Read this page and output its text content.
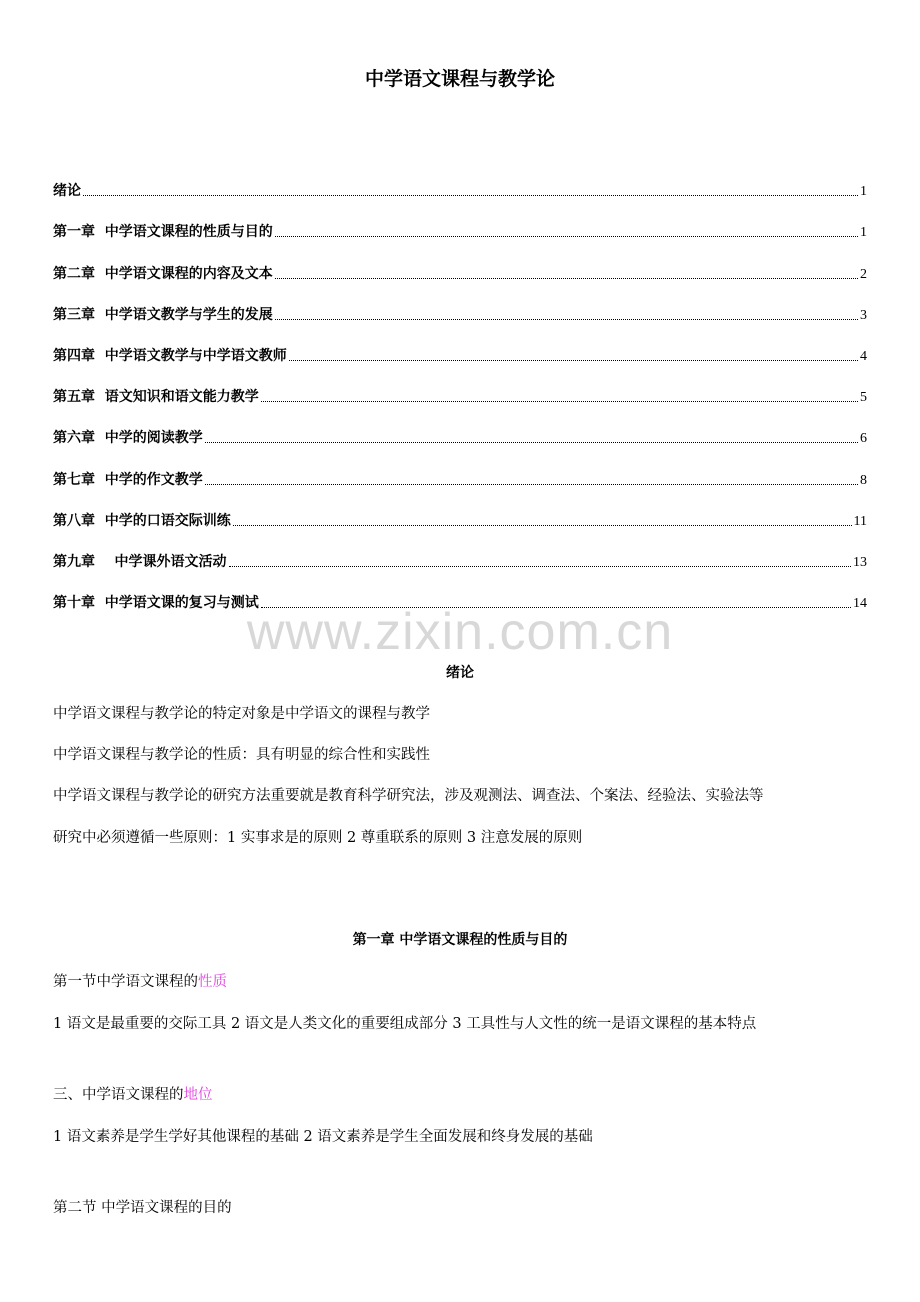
中学语文课程与教学论
绪论	1
第一章  中学语文课程的性质与目的	1
第二章  中学语文课程的内容及文本	2
第三章  中学语文教学与学生的发展	3
第四章  中学语文教学与中学语文教师	4
第五章  语文知识和语文能力教学	5
第六章  中学的阅读教学	6
第七章  中学的作文教学	8
第八章  中学的口语交际训练	11
第九章    中学课外语文活动	13
第十章  中学语文课的复习与测试	14
www.zixin.com.cn
绪论

中学语文课程与教学论的特定对象是中学语文的课程与教学

中学语文课程与教学论的性质：具有明显的综合性和实践性

中学语文课程与教学论的研究方法重要就是教育科学研究法，涉及观测法、调查法、个案法、经验法、实验法等

研究中必须遵循一些原则：1 实事求是的原则 2 尊重联系的原则 3 注意发展的原则

第一章 中学语文课程的性质与目的

第一节中学语文课程的性质

1 语文是最重要的交际工具 2 语文是人类文化的重要组成部分 3 工具性与人文性的统一是语文课程的基本特点

三、中学语文课程的地位

1 语文素养是学生学好其他课程的基础 2 语文素养是学生全面发展和终身发展的基础

第二节 中学语文课程的目的
